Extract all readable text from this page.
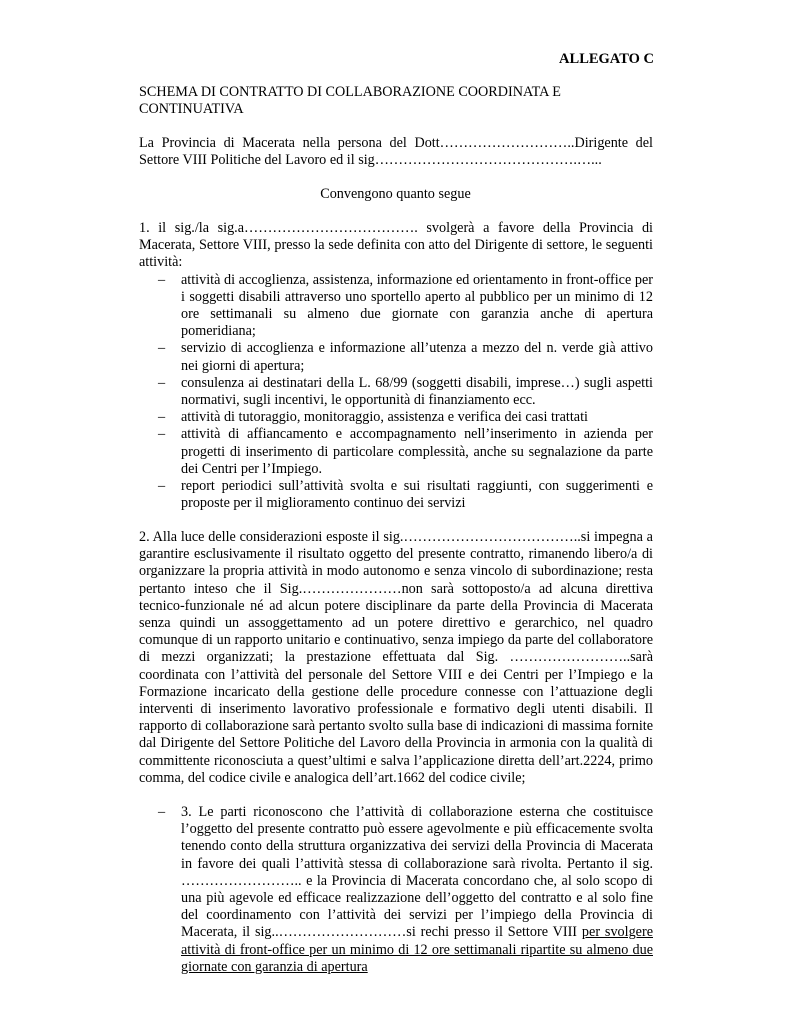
ALLEGATO C
SCHEMA DI CONTRATTO DI COLLABORAZIONE COORDINATA E CONTINUATIVA
La Provincia di Macerata nella persona del Dott………………………..Dirigente del Settore VIII Politiche del Lavoro ed il sig…………………………………….…...
Convengono quanto segue
1. il sig./la sig.a………………………………. svolgerà a favore della Provincia di Macerata, Settore VIII, presso la sede definita con atto del Dirigente di settore, le seguenti attività:
– attività di accoglienza, assistenza, informazione ed orientamento in front-office per i soggetti disabili attraverso uno sportello aperto al pubblico per un minimo di 12 ore settimanali su almeno due giornate con garanzia anche di apertura pomeridiana;
– servizio di accoglienza e informazione all’utenza a mezzo del n. verde già attivo nei giorni di apertura;
– consulenza ai destinatari della L. 68/99 (soggetti disabili, imprese…) sugli aspetti normativi, sugli incentivi, le opportunità di finanziamento ecc.
– attività di tutoraggio, monitoraggio, assistenza e verifica dei casi trattati
– attività di affiancamento e accompagnamento nell’inserimento in azienda per progetti di inserimento di particolare complessità, anche su segnalazione da parte dei Centri per l’Impiego.
– report periodici sull’attività svolta e sui risultati raggiunti, con suggerimenti e proposte per il miglioramento continuo dei servizi
2. Alla luce delle considerazioni esposte il sig.………………………………..si impegna a garantire esclusivamente il risultato oggetto del presente contratto, rimanendo libero/a di organizzare la propria attività in modo autonomo e senza vincolo di subordinazione; resta pertanto inteso che il Sig.…………………non sarà sottoposto/a ad alcuna direttiva tecnico-funzionale né ad alcun potere disciplinare da parte della Provincia di Macerata senza quindi un assoggettamento ad un potere direttivo e gerarchico, nel quadro comunque di un rapporto unitario e continuativo, senza impiego da parte del collaboratore di mezzi organizzati; la prestazione effettuata dal Sig. ……………………..sarà coordinata con l’attività del personale del Settore VIII e dei Centri per l’Impiego e la Formazione incaricato della gestione delle procedure connesse con l’attuazione degli interventi di inserimento lavorativo professionale e formativo degli utenti disabili. Il rapporto di collaborazione sarà pertanto svolto sulla base di indicazioni di massima fornite dal Dirigente del Settore Politiche del Lavoro della Provincia in armonia con la qualità di committente riconosciuta a quest’ultimi e salva l’applicazione diretta dell’art.2224, primo comma, del codice civile e analogica dell’art.1662 del codice civile;
– 3. Le parti riconoscono che l’attività di collaborazione esterna che costituisce l’oggetto del presente contratto può essere agevolmente e più efficacemente svolta tenendo conto della struttura organizzativa dei servizi della Provincia di Macerata in favore dei quali l’attività stessa di collaborazione sarà rivolta. Pertanto il sig. …………………….. e la Provincia di Macerata concordano che, al solo scopo di una più agevole ed efficace realizzazione dell’oggetto del contratto e al solo fine del coordinamento con l’attività dei servizi per l’impiego della Provincia di Macerata, il sig..………………………si rechi presso il Settore VIII per svolgere attività di front-office per un minimo di 12 ore settimanali ripartite su almeno due giornate con garanzia di apertura
